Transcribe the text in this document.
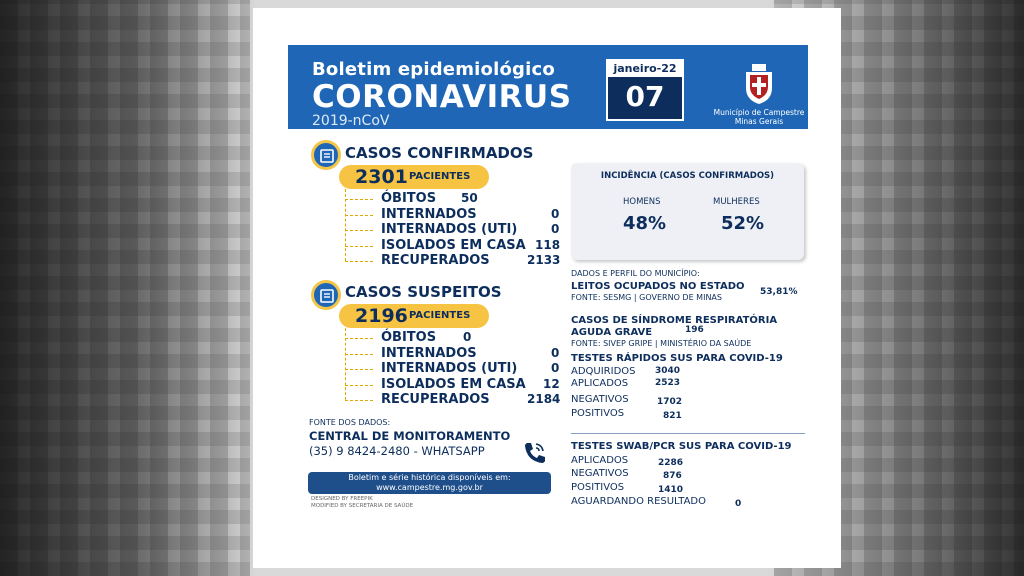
Boletim epidemiológico
CORONAVIRUS
2019-nCoV
janeiro-22
07	Município de Campestre
Minas Gerais
CASOS CONFIRMADOS
2301 PACIENTES
ÓBITOS 50
INTERNADOS	0
INTERNADOS (UTI)	0
ISOLADOS EM CASA 118
RECUPERADOS	2133
INCIDÊNCIA (CASOS CONFIRMADOS)
HOMENS	MULHERES
48%	52%
CASOS SUSPEITOS
2196 PACIENTES
ÓBITOS 0
INTERNADOS	0
INTERNADOS (UTI)	0
ISOLADOS EM CASA 12
RECUPERADOS	2184
DADOS E PERFIL DO MUNICÍPIO:
LEITOS OCUPADOS NO ESTADO 53,81%
FONTE: SESMG | GOVERNO DE MINAS
CASOS DE SÍNDROME RESPIRATÓRIA
AGUDA GRAVE	196
FONTE: SIVEP GRIPE | MINISTÉRIO DA SAÚDE
TESTES RÁPIDOS SUS PARA COVID-19
ADQUIRIDOS 3040
APLICADOS	2523
NEGATIVOS	1702
POSITIVOS	821
TESTES SWAB/PCR SUS PARA COVID-19
APLICADOS	2286
NEGATIVOS	876
POSITIVOS	1410
AGUARDANDO RESULTADO	0
FONTE DOS DADOS:
CENTRAL DE MONITORAMENTO
(35) 9 8424-2480 - WHATSAPP
Boletim e série histórica disponíveis em:
www.campestre.mg.gov.br
DESIGNED BY FREEPIK
MODIFIED BY SECRETARIA DE SAÚDE
